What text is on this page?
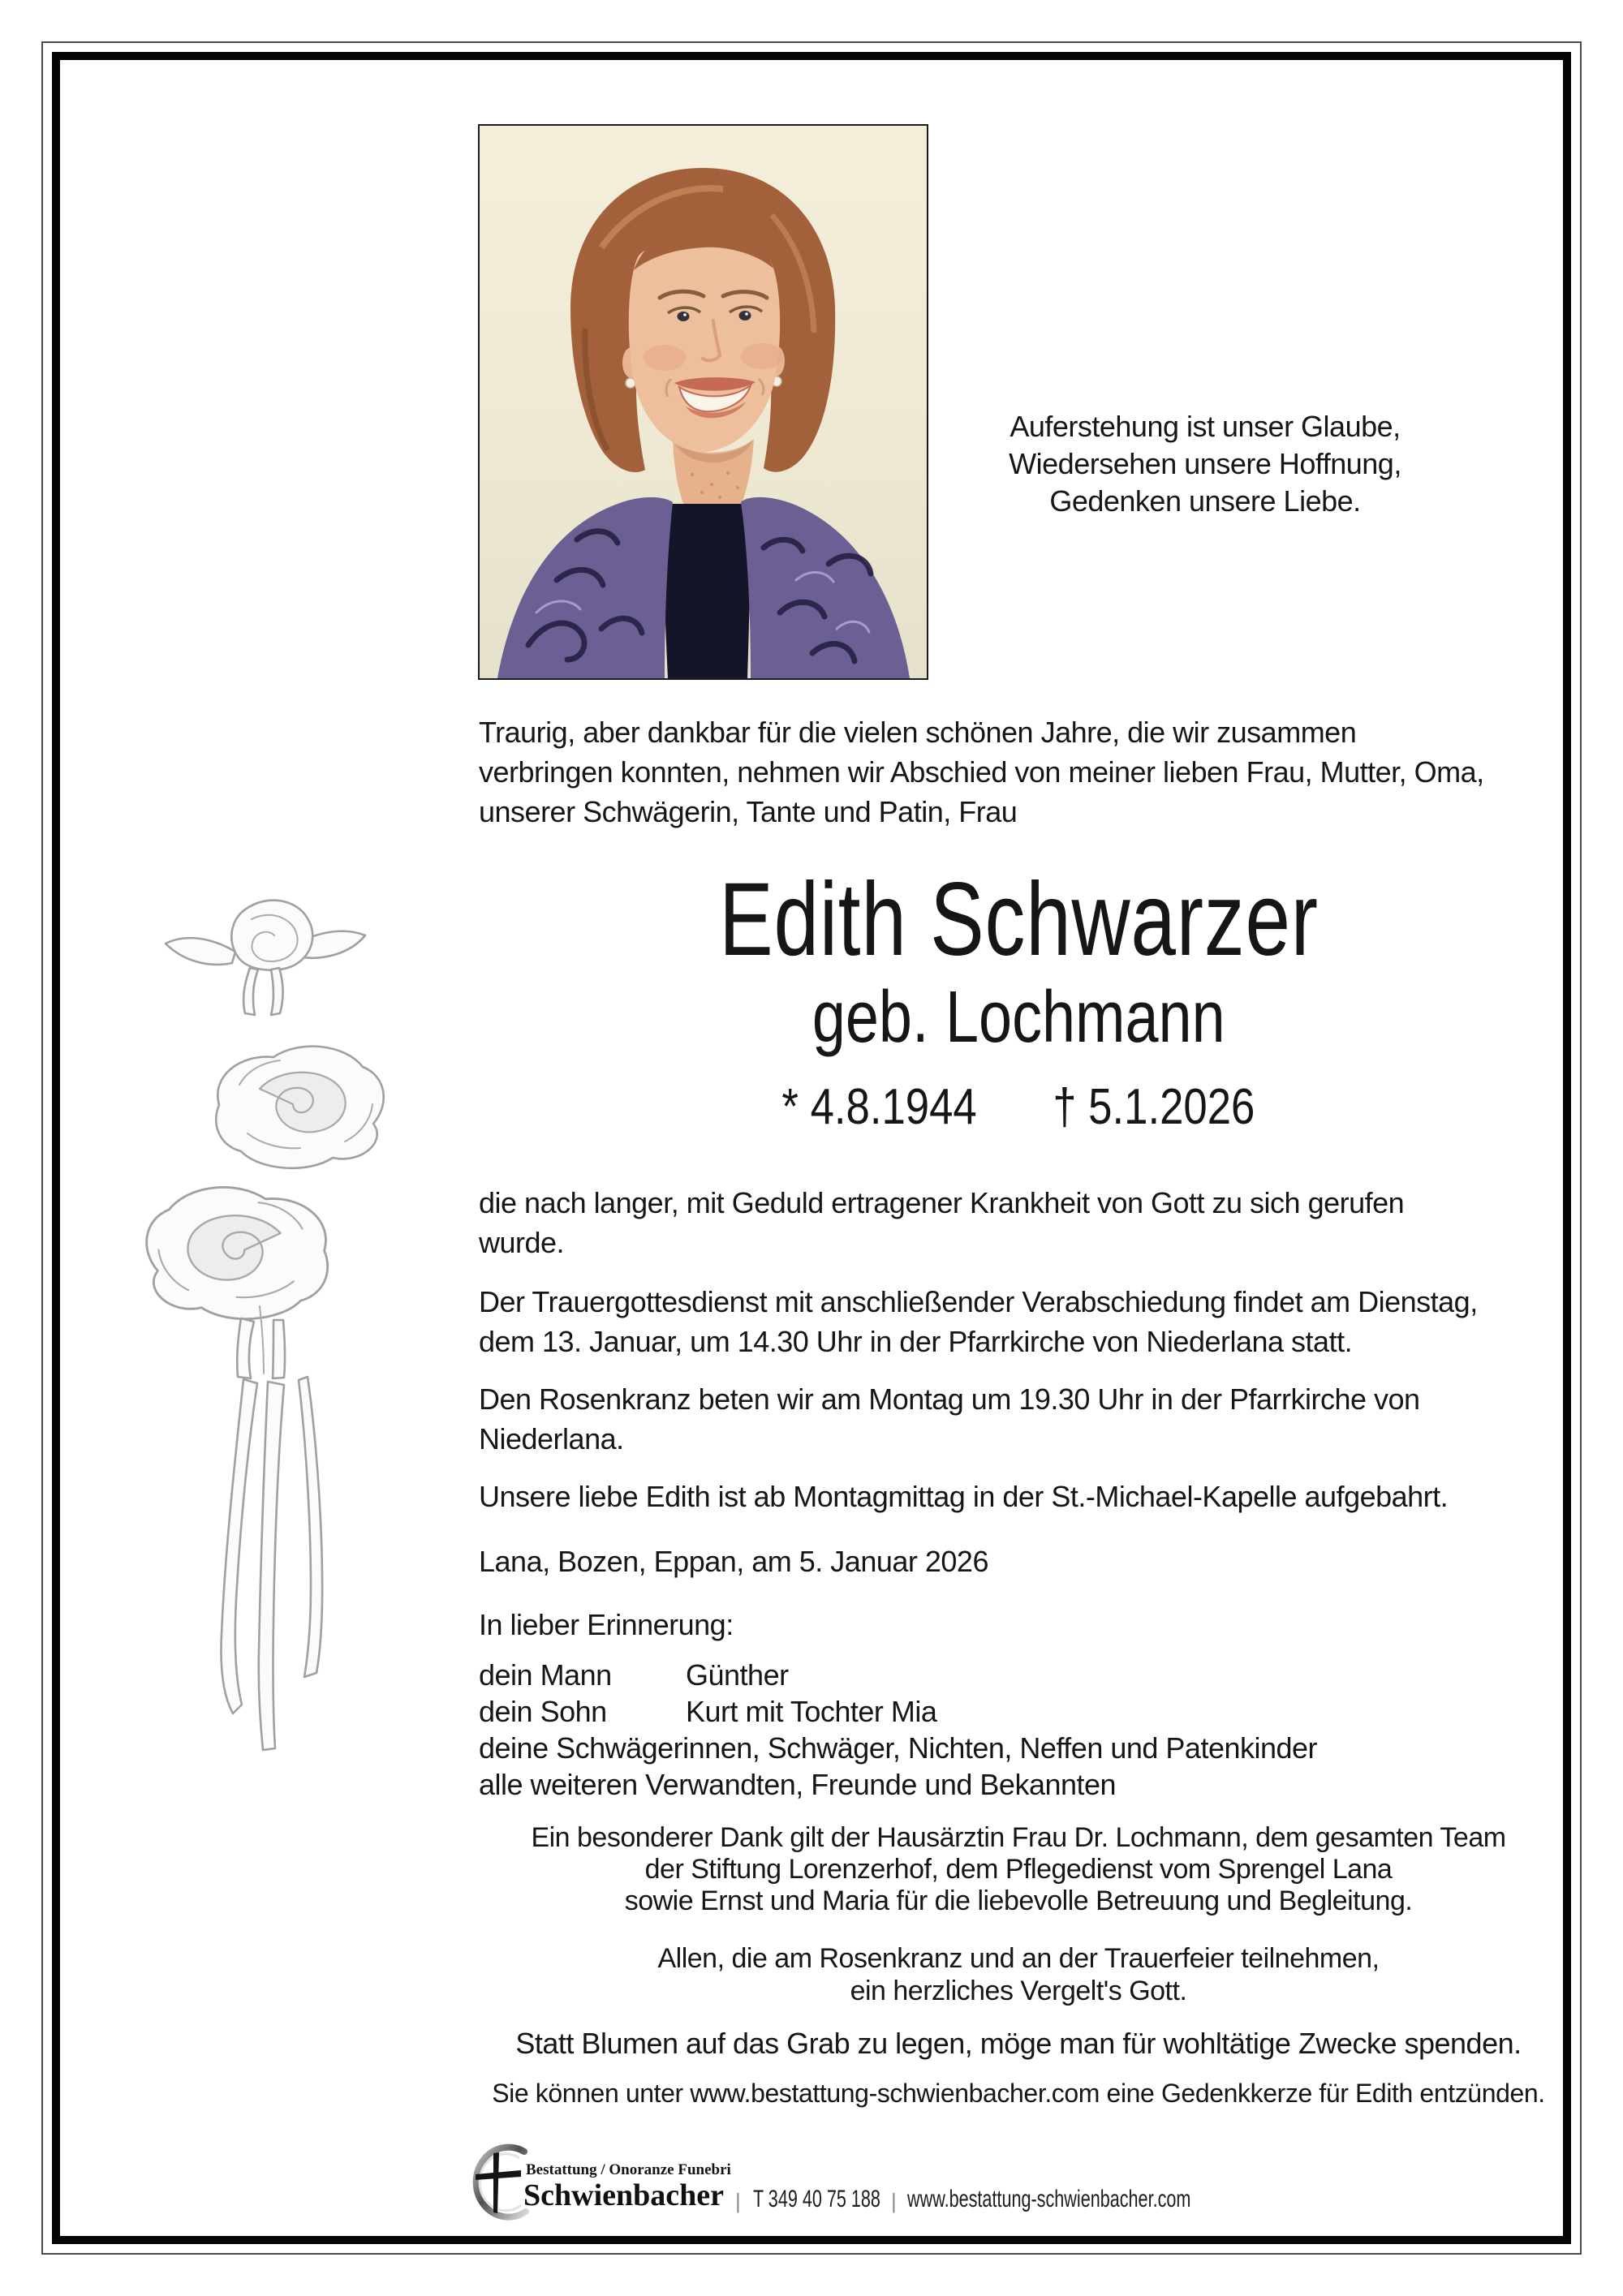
Auferstehung ist unser Glaube,
Wiedersehen unsere Hoffnung,
Gedenken unsere Liebe.
Traurig, aber dankbar für die vielen schönen Jahre, die wir zusammen
verbringen konnten, nehmen wir Abschied von meiner lieben Frau, Mutter, Oma,
unserer Schwägerin, Tante und Patin, Frau
Edith Schwarzer
geb. Lochmann
* 4.8.1944 † 5.1.2026
die nach langer, mit Geduld ertragener Krankheit von Gott zu sich gerufen
wurde.
Der Trauergottesdienst mit anschließender Verabschiedung findet am Dienstag,
dem 13. Januar, um 14.30 Uhr in der Pfarrkirche von Niederlana statt.
Den Rosenkranz beten wir am Montag um 19.30 Uhr in der Pfarrkirche von
Niederlana.
Unsere liebe Edith ist ab Montagmittag in der St.-Michael-Kapelle aufgebahrt.
Lana, Bozen, Eppan, am 5. Januar 2026
In lieber Erinnerung:
dein Mann	Günther
dein Sohn	Kurt mit Tochter Mia
deine Schwägerinnen, Schwäger, Nichten, Neffen und Patenkinder
alle weiteren Verwandten, Freunde und Bekannten
Ein besonderer Dank gilt der Hausärztin Frau Dr. Lochmann, dem gesamten Team
der Stiftung Lorenzerhof, dem Pflegedienst vom Sprengel Lana
sowie Ernst und Maria für die liebevolle Betreuung und Begleitung.
Allen, die am Rosenkranz und an der Trauerfeier teilnehmen,
ein herzliches Vergelt's Gott.
Statt Blumen auf das Grab zu legen, möge man für wohltätige Zwecke spenden.
Sie können unter www.bestattung-schwienbacher.com eine Gedenkkerze für Edith entzünden.
Bestattung / Onoranze Funebri
Schwienbacher | T 349 40 75 188 | www.bestattung-schwienbacher.com
